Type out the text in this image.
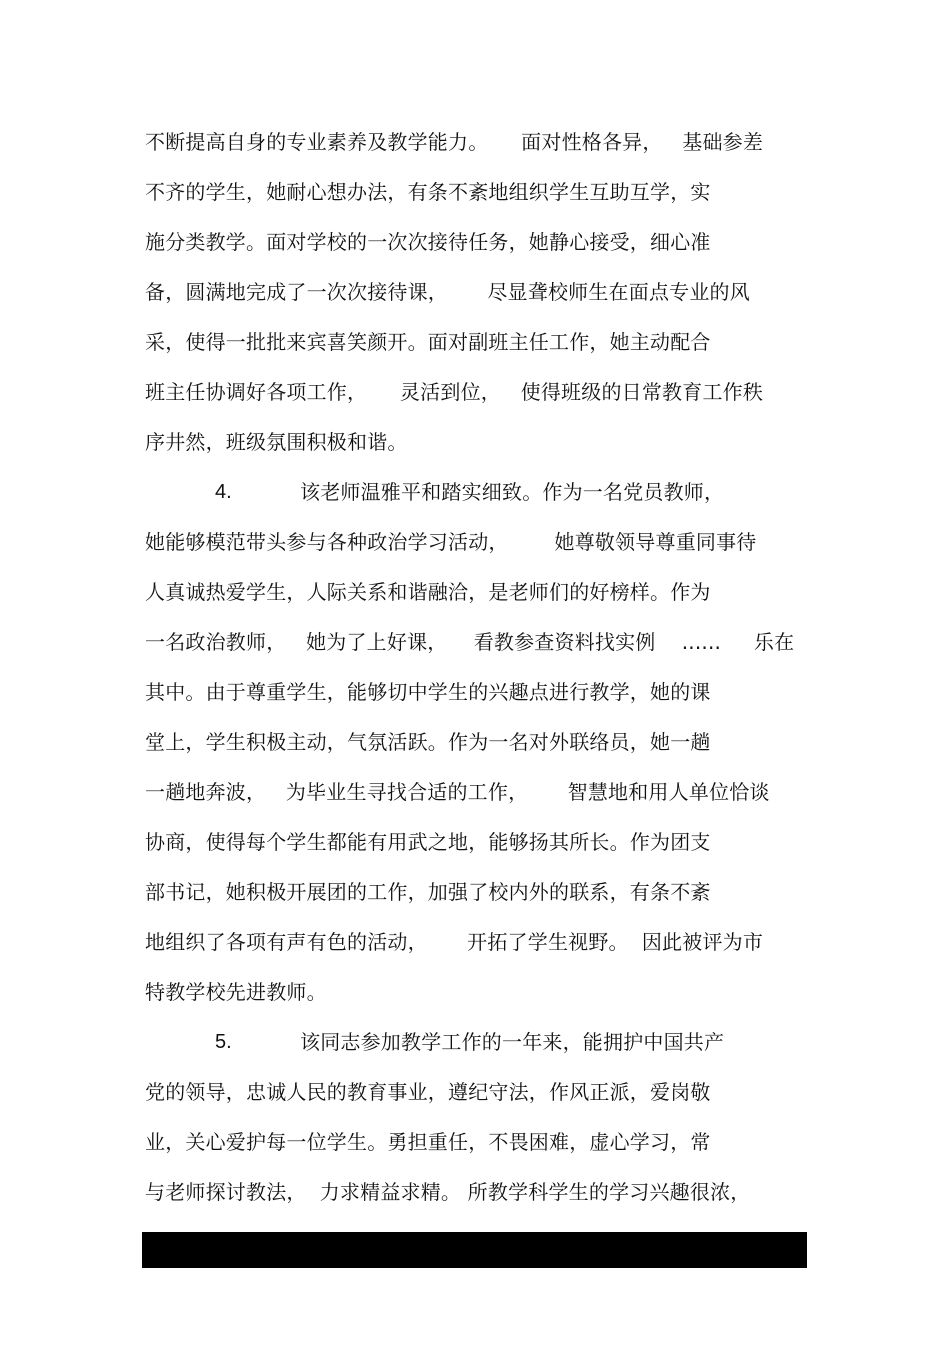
不断提高自身的专业素养及教学能力。     面对性格各异，   基础参差
不齐的学生，她耐心想办法，有条不紊地组织学生互助互学，实
施分类教学。面对学校的一次次接待任务，她静心接受，细心准
备，圆满地完成了一次次接待课，      尽显聋校师生在面点专业的风
采，使得一批批来宾喜笑颜开。面对副班主任工作，她主动配合
班主任协调好各项工作，     灵活到位，   使得班级的日常教育工作秩
序井然，班级氛围积极和谐。
4.	该老师温雅平和踏实细致。作为一名党员教师，
她能够模范带头参与各种政治学习活动，       她尊敬领导尊重同事待
人真诚热爱学生，人际关系和谐融洽，是老师们的好榜样。作为
一名政治教师，   她为了上好课，    看教参查资料找实例    ......     乐在
其中。由于尊重学生，能够切中学生的兴趣点进行教学，她的课
堂上，学生积极主动，气氛活跃。作为一名对外联络员，她一趟
一趟地奔波，   为毕业生寻找合适的工作，      智慧地和用人单位恰谈
协商，使得每个学生都能有用武之地，能够扬其所长。作为团支
部书记，她积极开展团的工作，加强了校内外的联系，有条不紊
地组织了各项有声有色的活动，      开拓了学生视野。  因此被评为市
特教学校先进教师。
5.	该同志参加教学工作的一年来，能拥护中国共产
党的领导，忠诚人民的教育事业，遵纪守法，作风正派，爱岗敬
业，关心爱护每一位学生。勇担重任，不畏困难，虚心学习，常
与老师探讨教法，  力求精益求精。 所教学科学生的学习兴趣很浓，
